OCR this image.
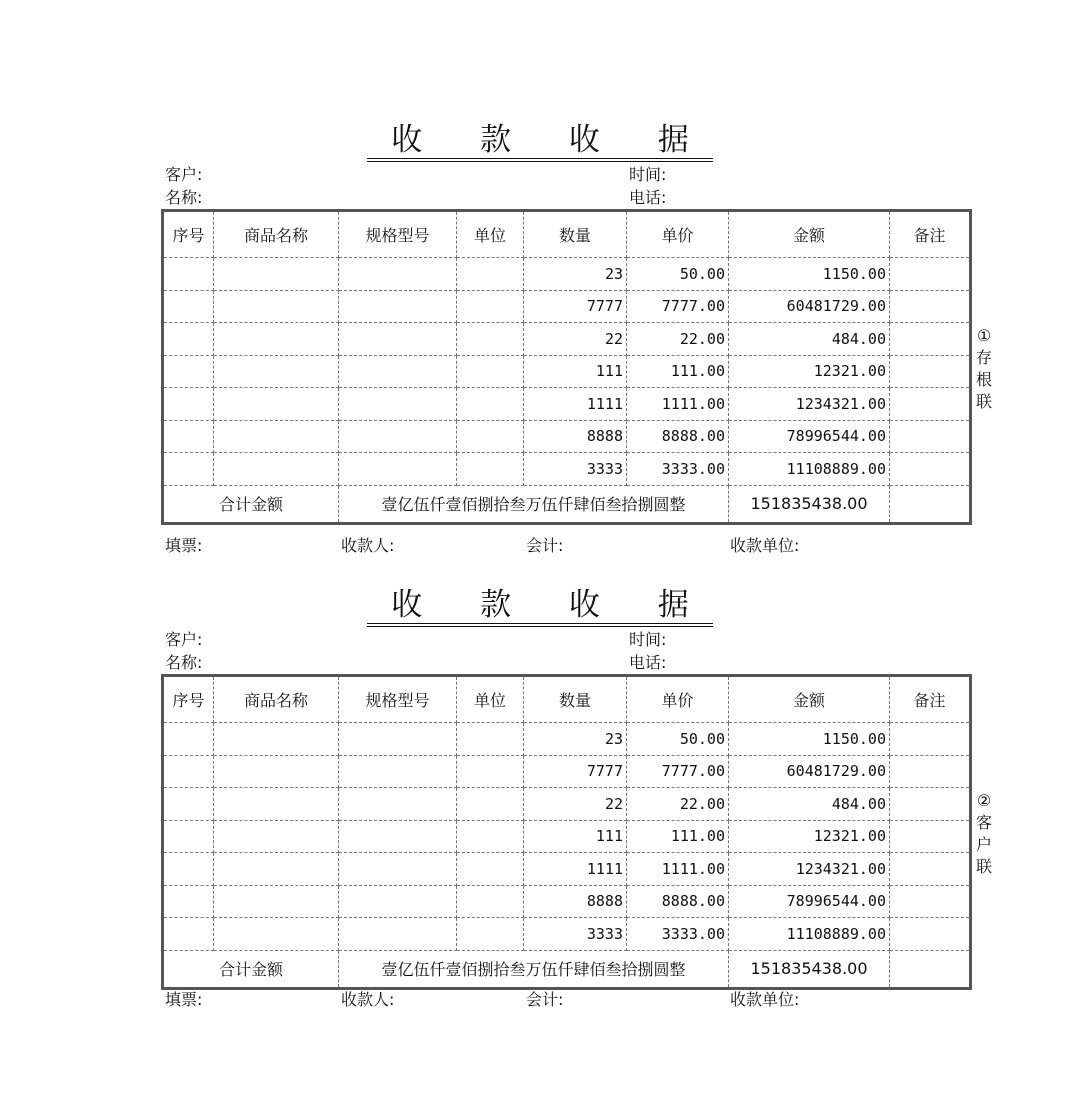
收 款 收 据
客户:
名称:
时间:
电话:
序号	商品名称	规格型号	单位	数量	单价	金额	备注
				23	50.00	1150.00	
				7777	7777.00	60481729.00	
				22	22.00	484.00	
				111	111.00	12321.00	
				1111	1111.00	1234321.00	
				8888	8888.00	78996544.00	
				3333	3333.00	11108889.00	
合计金额		壹亿伍仟壹佰捌拾叁万伍仟肆佰叁拾捌圆整				151835438.00	
①存根联
填票:	收款人:	会计:	收款单位:
收 款 收 据
客户:
名称:
时间:
电话:
序号	商品名称	规格型号	单位	数量	单价	金额	备注
				23	50.00	1150.00	
				7777	7777.00	60481729.00	
				22	22.00	484.00	
				111	111.00	12321.00	
				1111	1111.00	1234321.00	
				8888	8888.00	78996544.00	
				3333	3333.00	11108889.00	
合计金额		壹亿伍仟壹佰捌拾叁万伍仟肆佰叁拾捌圆整				151835438.00	
②客户联
填票:	收款人:	会计:	收款单位:
